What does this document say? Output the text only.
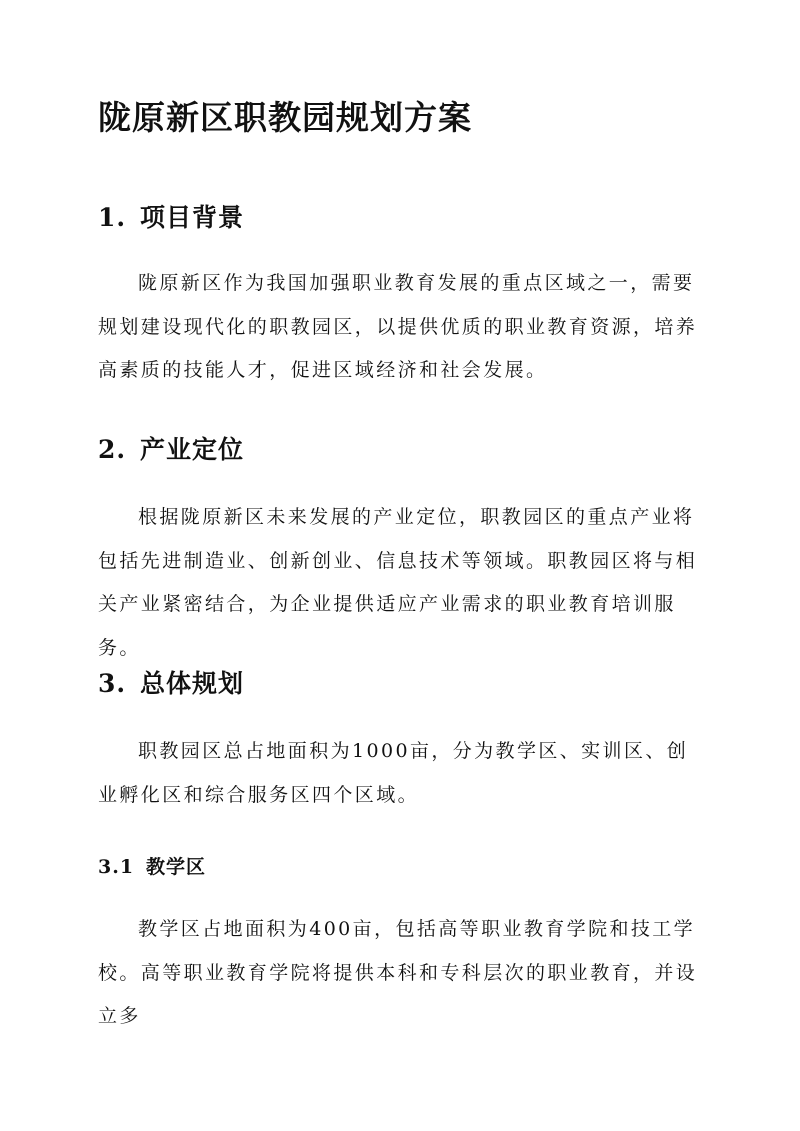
陇原新区职教园规划方案
1. 项目背景

陇原新区作为我国加强职业教育发展的重点区域之一，需要规划建设现代化的职教园区，以提供优质的职业教育资源，培养高素质的技能人才，促进区域经济和社会发展。

2. 产业定位

根据陇原新区未来发展的产业定位，职教园区的重点产业将包括先进制造业、创新创业、信息技术等领域。职教园区将与相关产业紧密结合，为企业提供适应产业需求的职业教育培训服务。

3. 总体规划

职教园区总占地面积为1000亩，分为教学区、实训区、创业孵化区和综合服务区四个区域。

3.1 教学区

教学区占地面积为400亩，包括高等职业教育学院和技工学校。高等职业教育学院将提供本科和专科层次的职业教育，并设立多
